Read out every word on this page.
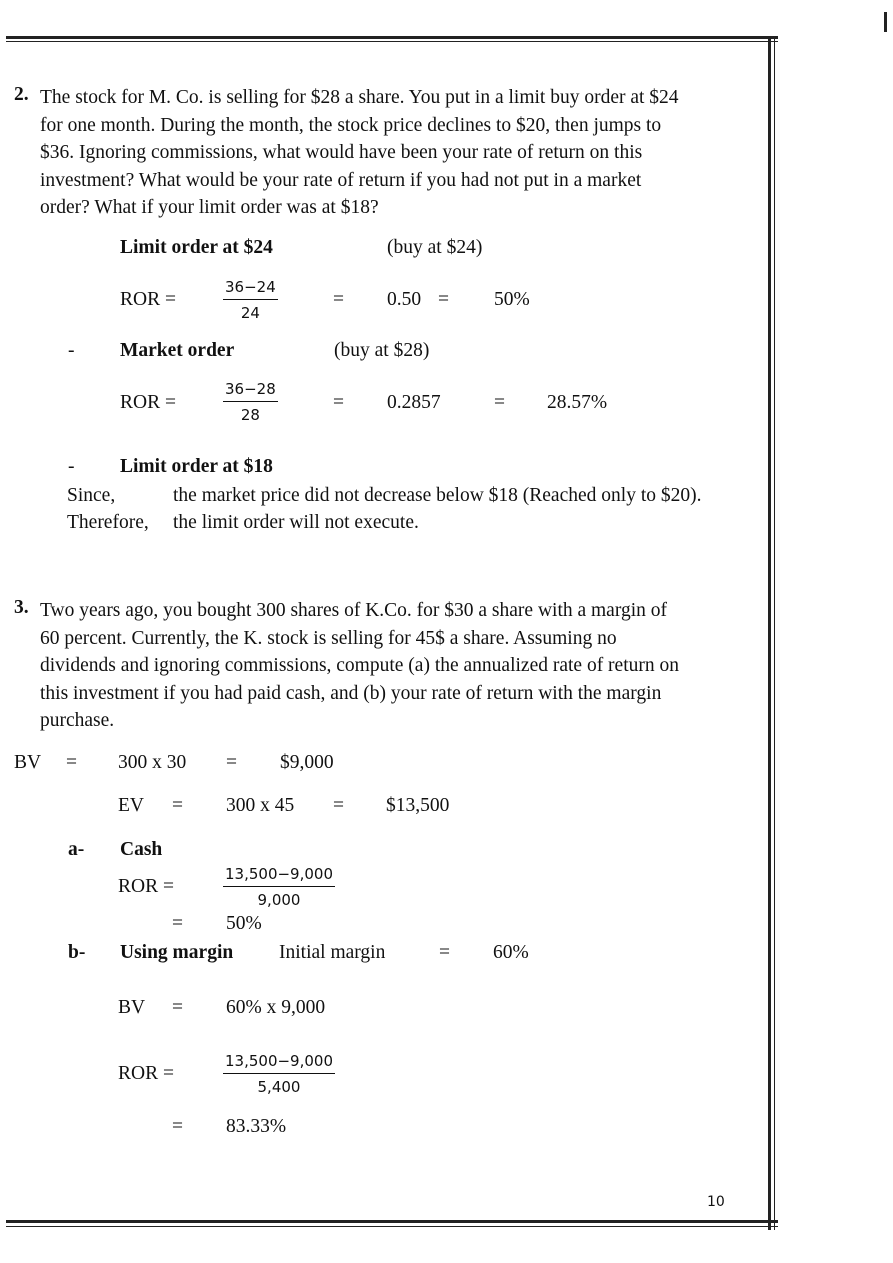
2. The stock for M. Co. is selling for $28 a share. You put in a limit buy order at $24
for one month. During the month, the stock price declines to $20, then jumps to
$36. Ignoring commissions, what would have been your rate of return on this
investment? What would be your rate of return if you had not put in a market
order? What if your limit order was at $18?
Limit order at $24	(buy at $24)
ROR =	$\frac{36-24}{24}$	= 0.50 = 50%
- Market order	(buy at $28)
ROR =	$\frac{36-28}{28}$	= 0.2857	= 28.57%
- Limit order at $18
Since,	the market price did not decrease below $18 (Reached only to $20).
Therefore, the limit order will not execute.
3. Two years ago, you bought 300 shares of K.Co. for $30 a share with a margin of
60 percent. Currently, the K. stock is selling for 45$ a share. Assuming no
dividends and ignoring commissions, compute (a) the annualized rate of return on
this investment if you had paid cash, and (b) your rate of return with the margin
purchase.
BV = 300 x 30 = $9,000
EV = 300 x 45 = $13,500
a- Cash
ROR =	$\frac{13,500-9,000}{9,000}$
= 50%
b- Using margin Initial margin	= 60%
BV = 60% x 9,000
ROR =	$\frac{13,500-9,000}{5,400}$
= 83.33%
10
